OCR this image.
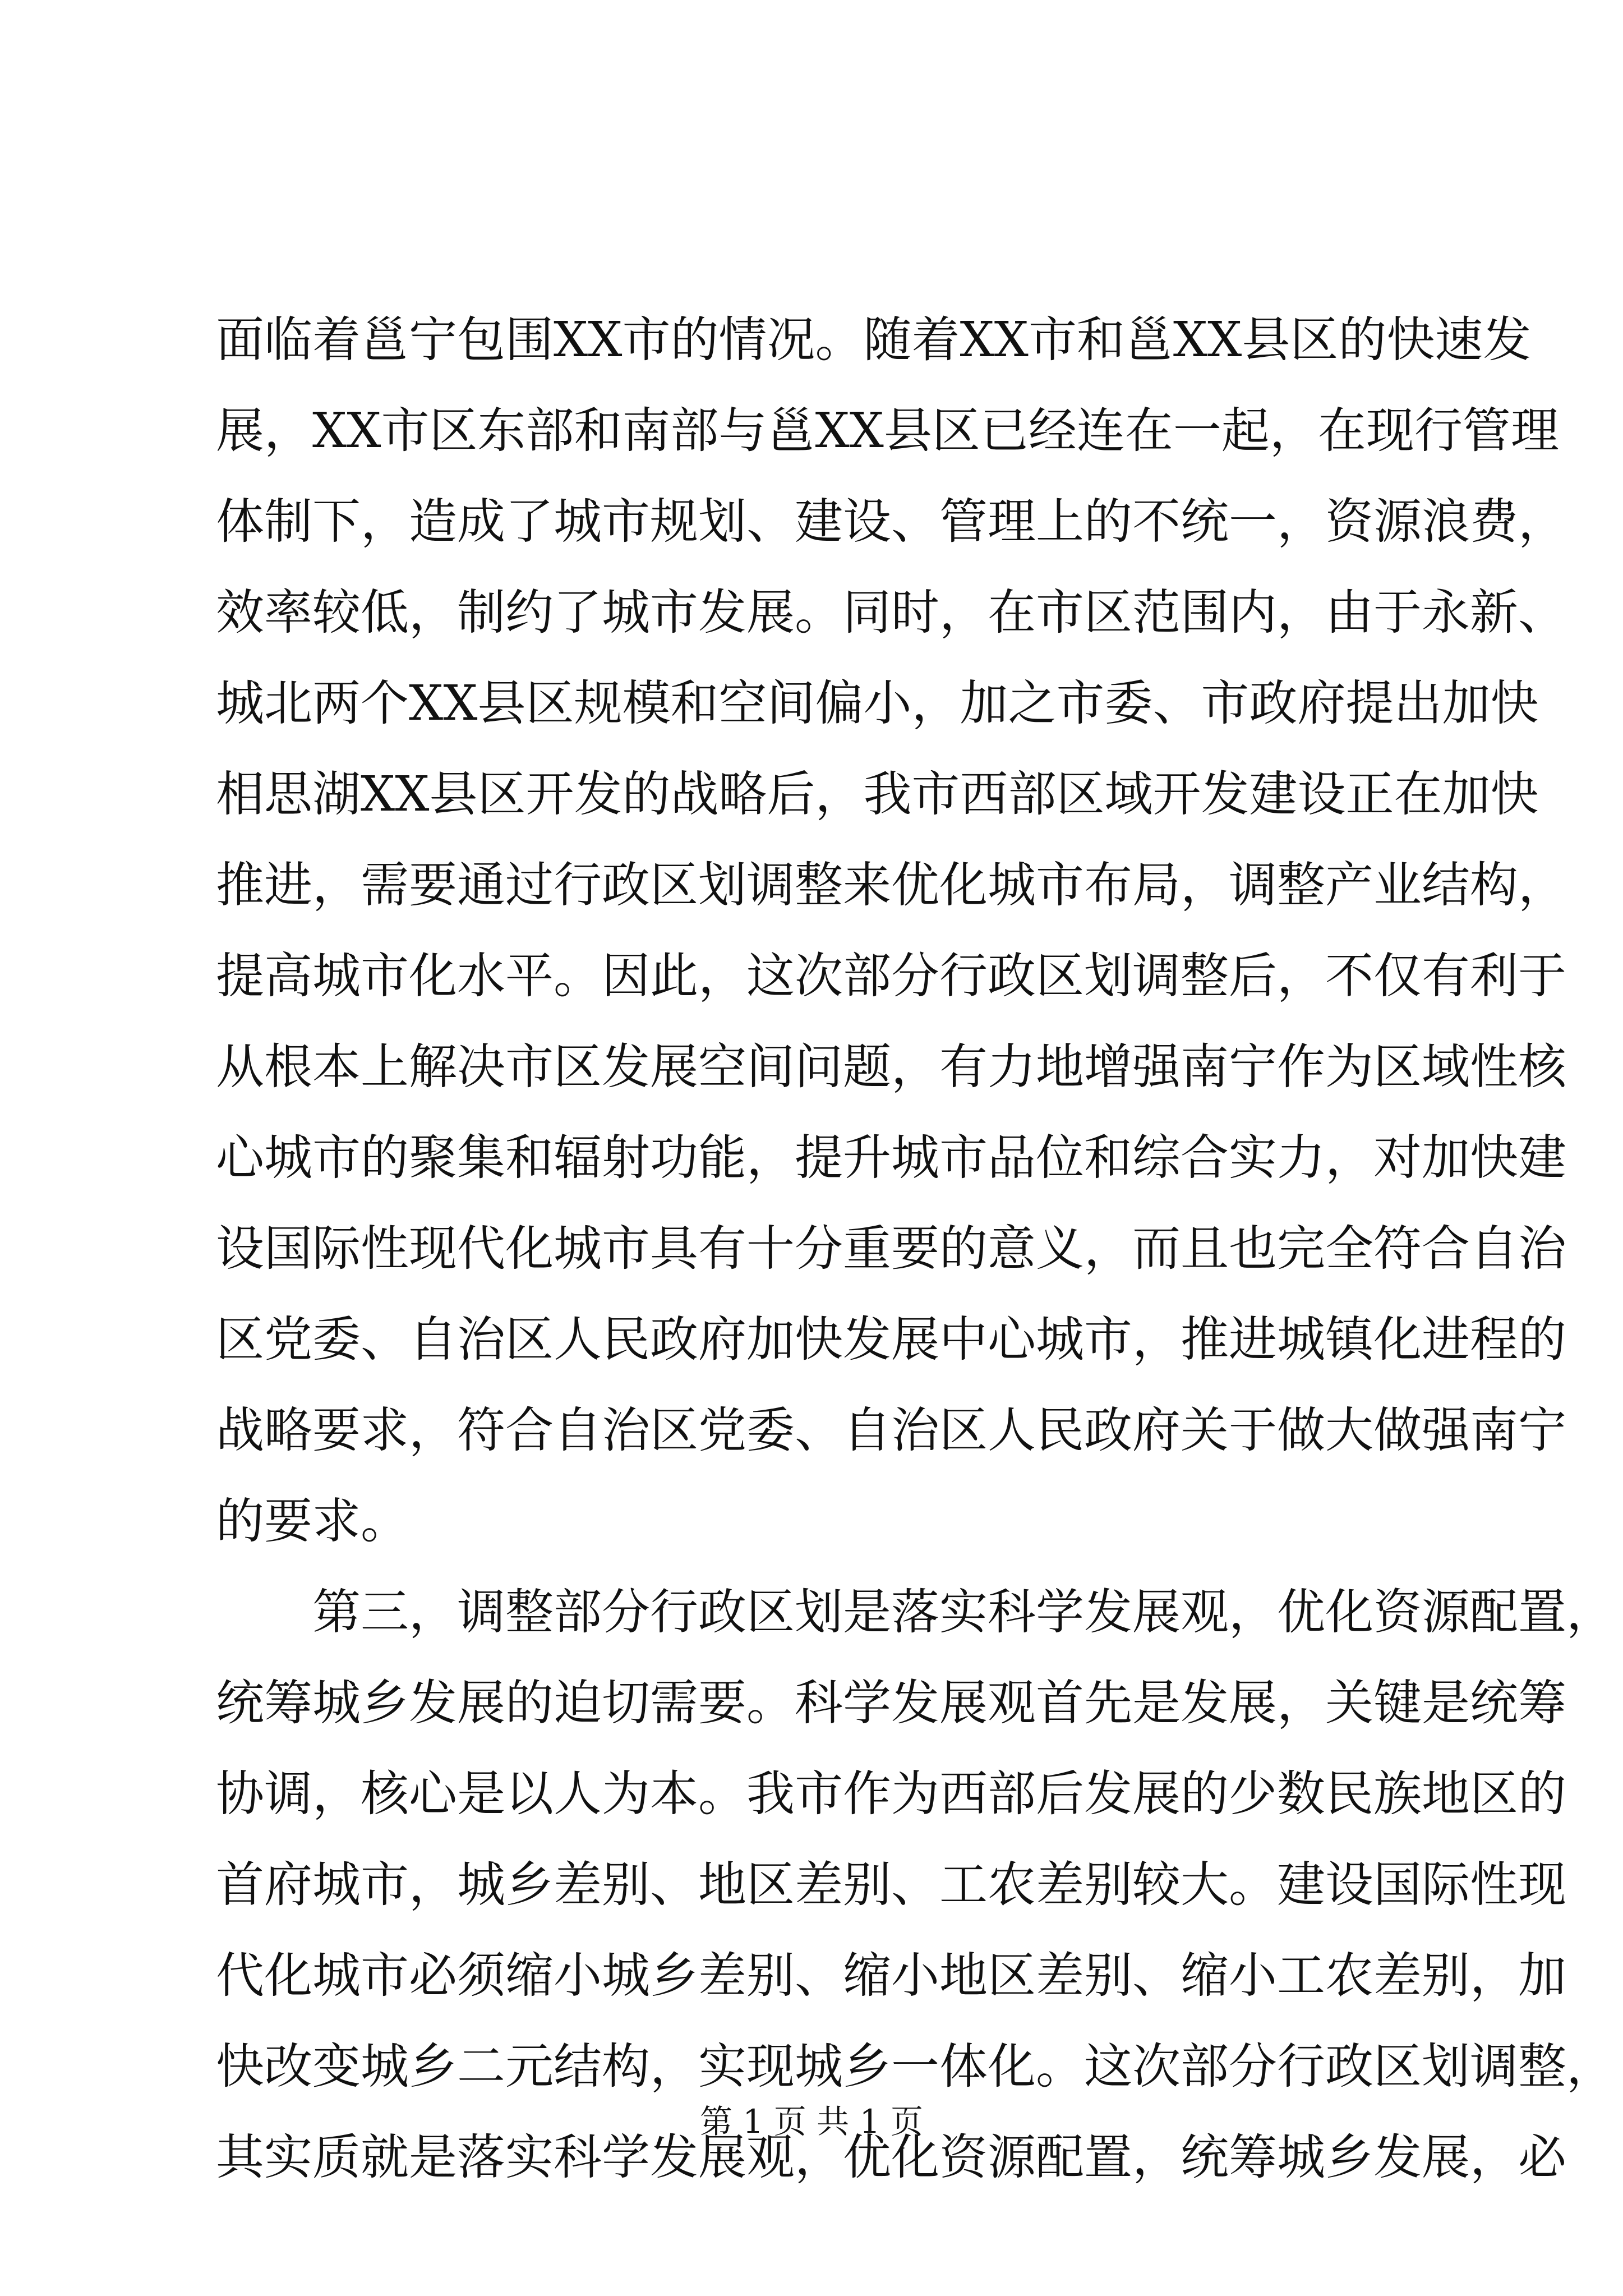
面临着邕宁包围XX市的情况。随着XX市和邕XX县区的快速发
展，XX市区东部和南部与邕XX县区已经连在一起，在现行管理
体制下，造成了城市规划、建设、管理上的不统一，资源浪费，
效率较低，制约了城市发展。同时，在市区范围内，由于永新、
城北两个XX县区规模和空间偏小，加之市委、市政府提出加快
相思湖XX县区开发的战略后，我市西部区域开发建设正在加快
推进，需要通过行政区划调整来优化城市布局，调整产业结构，
提高城市化水平。因此，这次部分行政区划调整后，不仅有利于
从根本上解决市区发展空间问题，有力地增强南宁作为区域性核
心城市的聚集和辐射功能，提升城市品位和综合实力，对加快建
设国际性现代化城市具有十分重要的意义，而且也完全符合自治
区党委、自治区人民政府加快发展中心城市，推进城镇化进程的
战略要求，符合自治区党委、自治区人民政府关于做大做强南宁
的要求。
第三，调整部分行政区划是落实科学发展观，优化资源配置，
统筹城乡发展的迫切需要。科学发展观首先是发展，关键是统筹
协调，核心是以人为本。我市作为西部后发展的少数民族地区的
首府城市，城乡差别、地区差别、工农差别较大。建设国际性现
代化城市必须缩小城乡差别、缩小地区差别、缩小工农差别，加
快改变城乡二元结构，实现城乡一体化。这次部分行政区划调整，
其实质就是落实科学发展观，优化资源配置，统筹城乡发展，必
第 1 页 共 1 页
